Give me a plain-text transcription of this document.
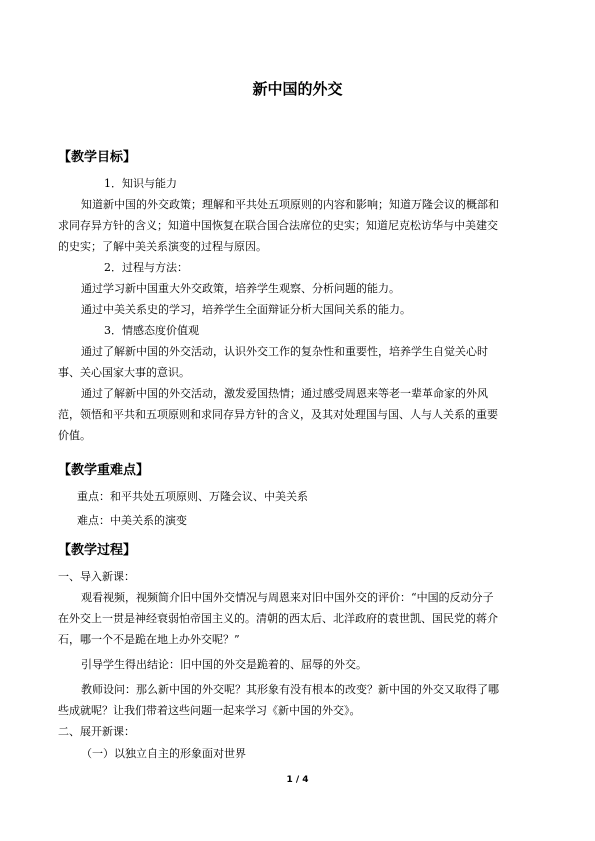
新中国的外交
【教学目标】
1．知识与能力
知道新中国的外交政策；理解和平共处五项原则的内容和影响；知道万隆会议的概部和
求同存异方针的含义；知道中国恢复在联合国合法席位的史实；知道尼克松访华与中美建交
的史实；了解中美关系演变的过程与原因。
2．过程与方法：
通过学习新中国重大外交政策，培养学生观察、分析问题的能力。
通过中美关系史的学习，培养学生全面辩证分析大国间关系的能力。
3．情感态度价值观
通过了解新中国的外交活动，认识外交工作的复杂性和重要性，培养学生自觉关心时
事、关心国家大事的意识。
通过了解新中国的外交活动，激发爱国热情；通过感受周恩来等老一辈革命家的外风
范，领悟和平共和五项原则和求同存异方针的含义，及其对处理国与国、人与人关系的重要
价值。
【教学重难点】
重点：和平共处五项原则、万隆会议、中美关系
难点：中美关系的演变
【教学过程】
一、导入新课：
观看视频，视频简介旧中国外交情况与周恩来对旧中国外交的评价：“中国的反动分子
在外交上一贯是神经衰弱怕帝国主义的。清朝的西太后、北洋政府的袁世凯、国民党的蒋介
石，哪一个不是跪在地上办外交呢？”
引导学生得出结论：旧中国的外交是跪着的、屈辱的外交。
教师设问：那么新中国的外交呢？其形象有没有根本的改变？新中国的外交又取得了哪
些成就呢？让我们带着这些问题一起来学习《新中国的外交》。
二、展开新课：
（一）以独立自主的形象面对世界
1 / 4
